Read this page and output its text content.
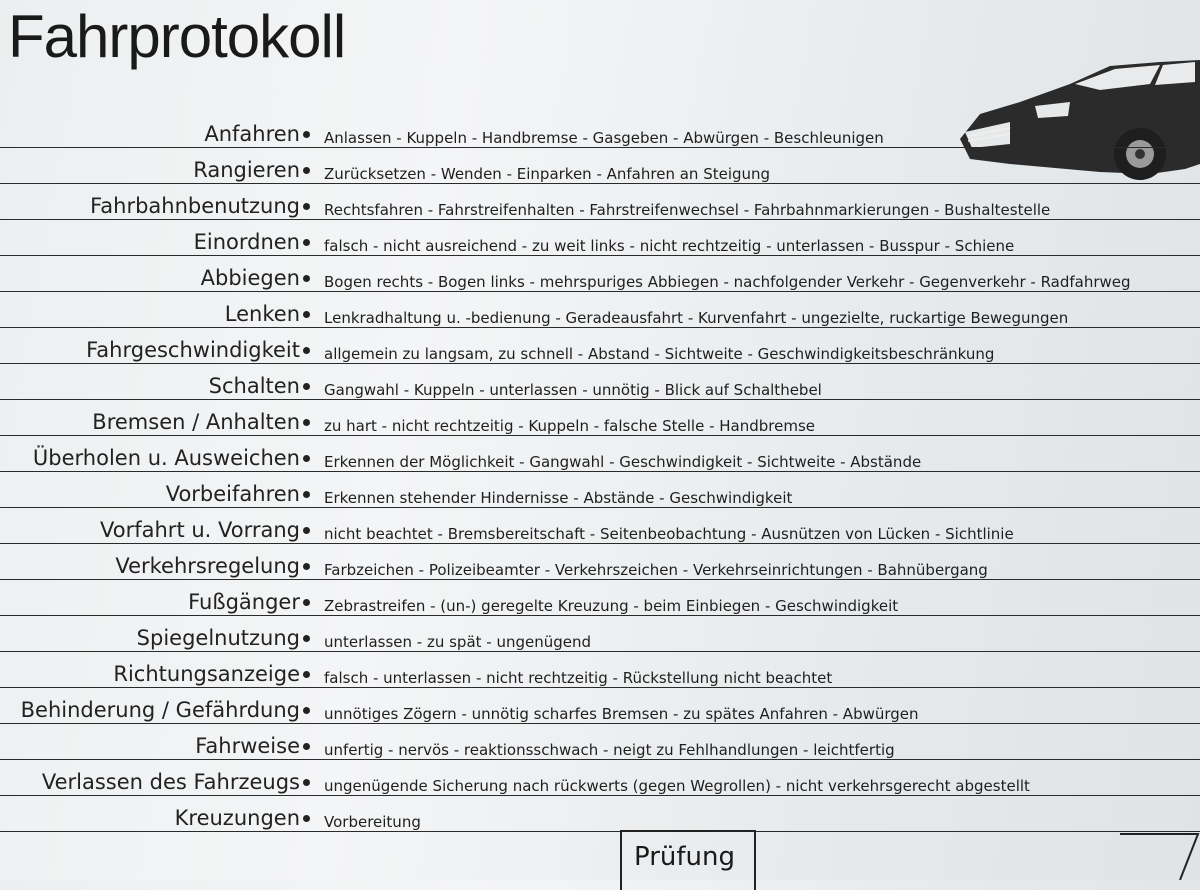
Fahrprotokoll
Anfahren Anlassen - Kuppeln - Handbremse - Gasgeben - Abwürgen - Beschleunigen
Rangieren Zurücksetzen - Wenden - Einparken - Anfahren an Steigung
Fahrbahnbenutzung Rechtsfahren - Fahrstreifenhalten - Fahrstreifenwechsel - Fahrbahnmarkierungen - Bushaltestelle
Einordnen falsch - nicht ausreichend - zu weit links - nicht rechtzeitig - unterlassen - Busspur - Schiene
Abbiegen Bogen rechts - Bogen links - mehrspuriges Abbiegen - nachfolgender Verkehr - Gegenverkehr - Radfahrweg
Lenken Lenkradhaltung u. -bedienung - Geradeausfahrt - Kurvenfahrt - ungezielte, ruckartige Bewegungen
Fahrgeschwindigkeit allgemein zu langsam, zu schnell - Abstand - Sichtweite - Geschwindigkeitsbeschränkung
Schalten Gangwahl - Kuppeln - unterlassen - unnötig - Blick auf Schalthebel
Bremsen / Anhalten zu hart - nicht rechtzeitig - Kuppeln - falsche Stelle - Handbremse
Überholen u. Ausweichen Erkennen der Möglichkeit - Gangwahl - Geschwindigkeit - Sichtweite - Abstände
Vorbeifahren Erkennen stehender Hindernisse - Abstände - Geschwindigkeit
Vorfahrt u. Vorrang nicht beachtet - Bremsbereitschaft - Seitenbeobachtung - Ausnützen von Lücken - Sichtlinie
Verkehrsregelung Farbzeichen - Polizeibeamter - Verkehrszeichen - Verkehrseinrichtungen - Bahnübergang
Fußgänger Zebrastreifen - (un-) geregelte Kreuzung - beim Einbiegen - Geschwindigkeit
Spiegelnutzung unterlassen - zu spät - ungenügend
Richtungsanzeige falsch - unterlassen - nicht rechtzeitig - Rückstellung nicht beachtet
Behinderung / Gefährdung unnötiges Zögern - unnötig scharfes Bremsen - zu spätes Anfahren - Abwürgen
Fahrweise unfertig - nervös - reaktionsschwach - neigt zu Fehlhandlungen - leichtfertig
Verlassen des Fahrzeugs ungenügende Sicherung nach rückwerts (gegen Wegrollen) - nicht verkehrsgerecht abgestellt
Kreuzungen Vorbereitung
Prüfung
